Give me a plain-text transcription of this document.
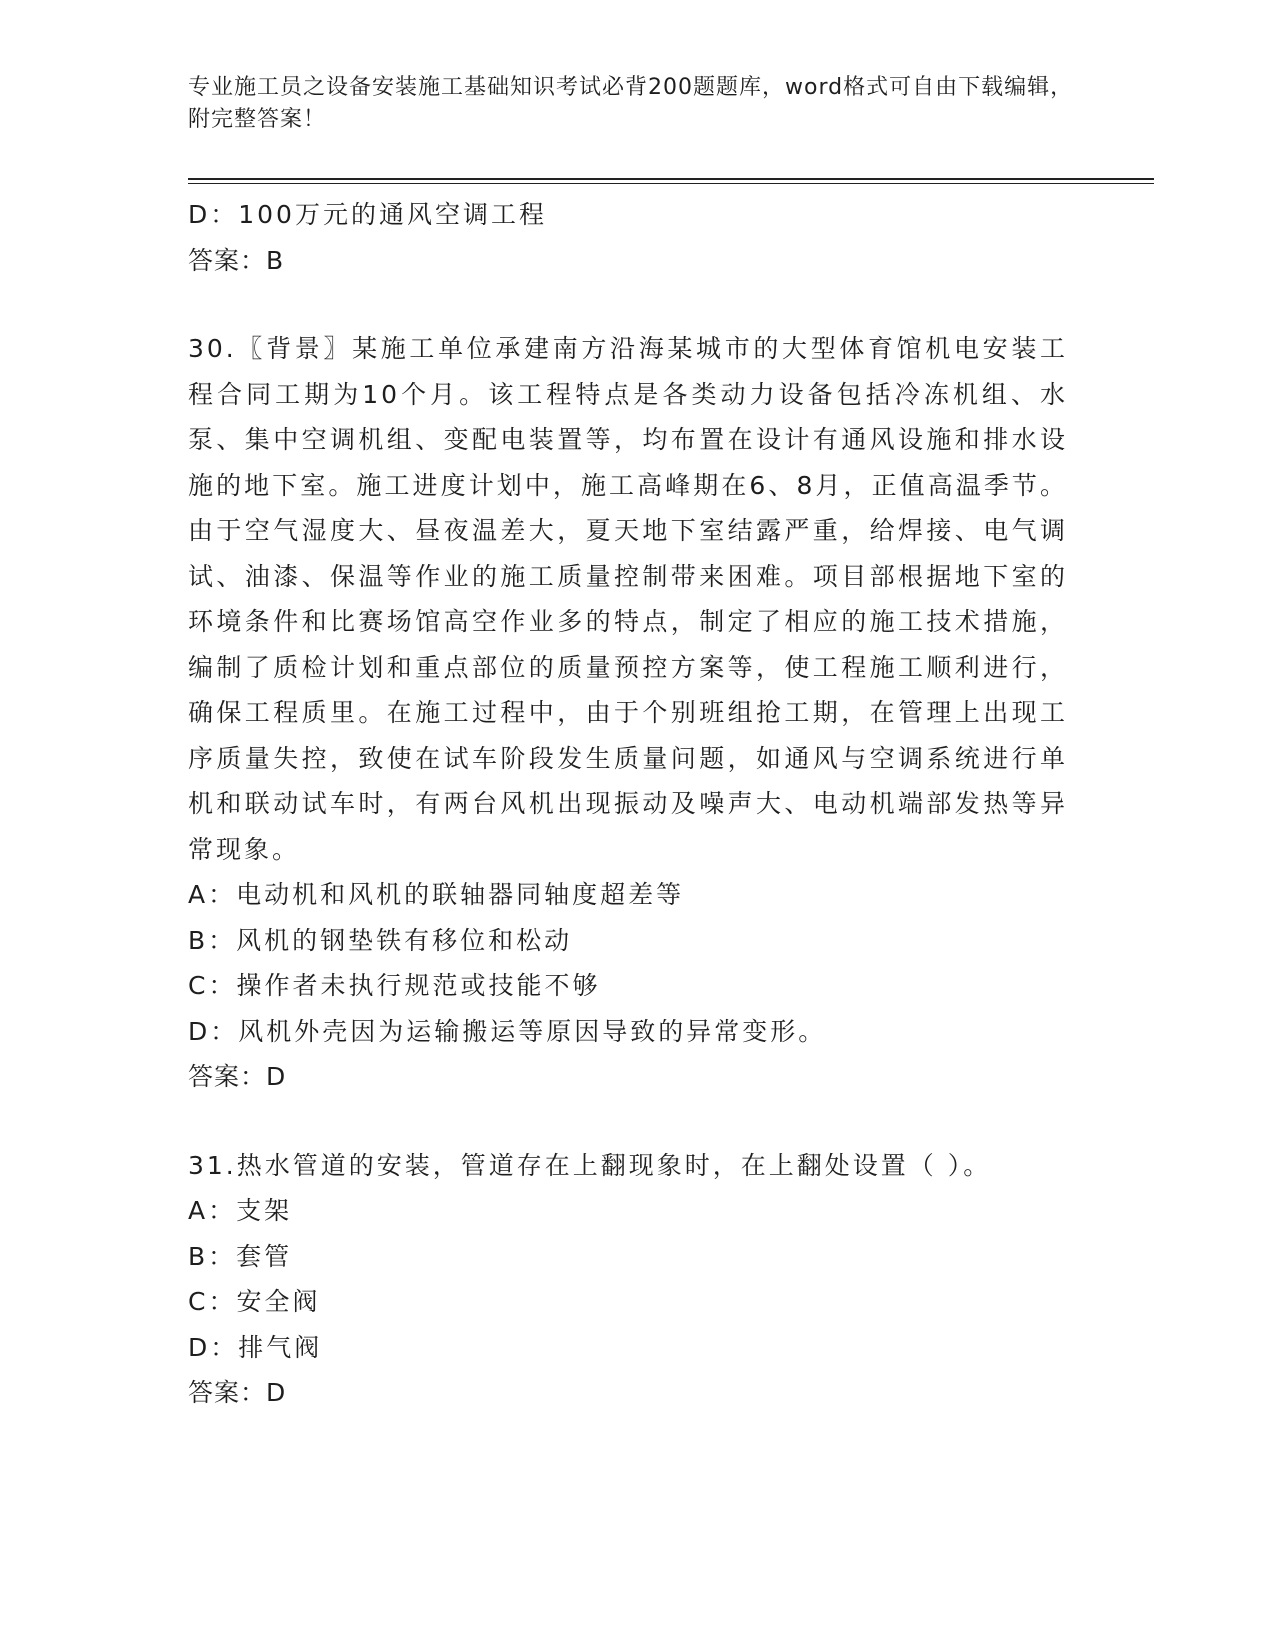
专业施工员之设备安装施工基础知识考试必背200题题库，word格式可自由下载编辑，附完整答案！
D：100万元的通风空调工程
答案：B
30.〖背景〗某施工单位承建南方沿海某城市的大型体育馆机电安装工程合同工期为10个月。该工程特点是各类动力设备包括冷冻机组、水泵、集中空调机组、变配电装置等，均布置在设计有通风设施和排水设施的地下室。施工进度计划中，施工高峰期在6、8月，正值高温季节。由于空气湿度大、昼夜温差大，夏天地下室结露严重，给焊接、电气调试、油漆、保温等作业的施工质量控制带来困难。项目部根据地下室的环境条件和比赛场馆高空作业多的特点，制定了相应的施工技术措施，编制了质检计划和重点部位的质量预控方案等，使工程施工顺利进行，确保工程质里。在施工过程中，由于个别班组抢工期，在管理上出现工序质量失控，致使在试车阶段发生质量问题，如通风与空调系统进行单机和联动试车时，有两台风机出现振动及噪声大、电动机端部发热等异常现象。
A：电动机和风机的联轴器同轴度超差等
B：风机的钢垫铁有移位和松动
C：操作者未执行规范或技能不够
D：风机外壳因为运输搬运等原因导致的异常变形。
答案：D
31.热水管道的安装，管道存在上翻现象时，在上翻处设置（ ）。
A：支架
B：套管
C：安全阀
D：排气阀
答案：D
